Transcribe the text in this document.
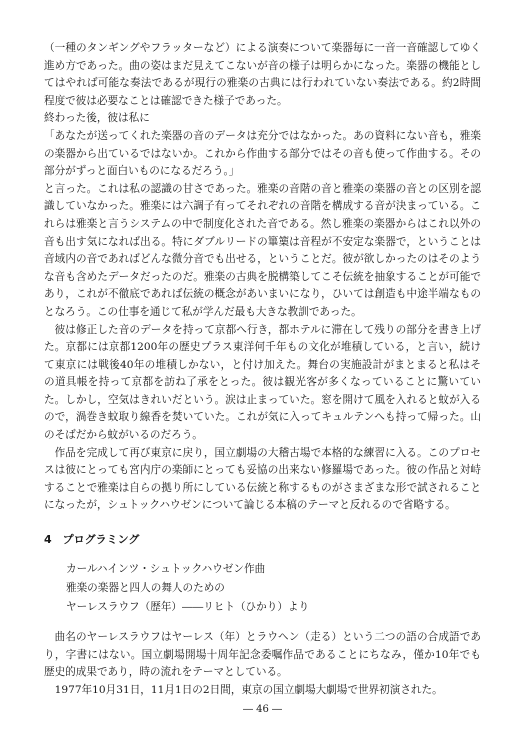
（一種のタンギングやフラッターなど）による演奏について楽器毎に一音一音確認してゆく進め方であった。曲の姿はまだ見えてこないが音の様子は明らかになった。楽器の機能としてはやれば可能な奏法であるが現行の雅楽の古典には行われていない奏法である。約2時間程度で彼は必要なことは確認できた様子であった。

終わった後，彼は私に

「あなたが送ってくれた楽器の音のデータは充分ではなかった。あの資料にない音も，雅楽の楽器から出ているではないか。これから作曲する部分ではその音も使って作曲する。その部分がずっと面白いものになるだろう。」

と言った。これは私の認識の甘さであった。雅楽の音階の音と雅楽の楽器の音との区別を認識していなかった。雅楽には六調子有ってそれぞれの音階を構成する音が決まっている。これらは雅楽と言うシステムの中で制度化された音である。然し雅楽の楽器からはこれ以外の音も出す気になれば出る。特にダブルリードの篳篥は音程が不安定な楽器で，ということは音域内の音であればどんな微分音でも出せる，ということだ。彼が欲しかったのはそのような音も含めたデータだったのだ。雅楽の古典を脱構築してこそ伝統を抽象することが可能であり，これが不徹底であれば伝統の概念があいまいになり，ひいては創造も中途半端なものとなろう。この仕事を通じて私が学んだ最も大きな教訓であった。

彼は修正した音のデータを持って京都へ行き，都ホテルに滞在して残りの部分を書き上げた。京都には京都1200年の歴史プラス東洋何千年もの文化が堆積している，と言い，続けて東京には戦後40年の堆積しかない，と付け加えた。舞台の実施設計がまとまると私はその道具帳を持って京都を訪ね了承をとった。彼は観光客が多くなっていることに驚いていた。しかし，空気はきれいだという。涙は止まっていた。窓を開けて風を入れると蚊が入るので，渦巻き蚊取り線香を焚いていた。これが気に入ってキュルテンへも持って帰った。山のそばだから蚊がいるのだろう。

作品を完成して再び東京に戻り，国立劇場の大稽古場で本格的な練習に入る。このプロセスは彼にとっても宮内庁の楽師にとっても妥協の出来ない修羅場であった。彼の作品と対峙することで雅楽は自らの拠り所にしている伝統と称するものがさまざまな形で試されることになったが，シュトックハウゼンについて論じる本稿のテーマと反れるので省略する。

4　プログラミング

カールハインツ・シュトックハウゼン作曲

雅楽の楽器と四人の舞人のための

ヤーレスラウフ（歴年）――リヒト（ひかり）より

曲名のヤーレスラウフはヤーレス（年）とラウヘン（走る）という二つの語の合成語であり，字書にはない。国立劇場開場十周年記念委嘱作品であることにちなみ，僅か10年でも歴史的成果であり，時の流れをテーマとしている。

1977年10月31日，11月1日の2日間，東京の国立劇場大劇場で世界初演された。

― 46 ―
